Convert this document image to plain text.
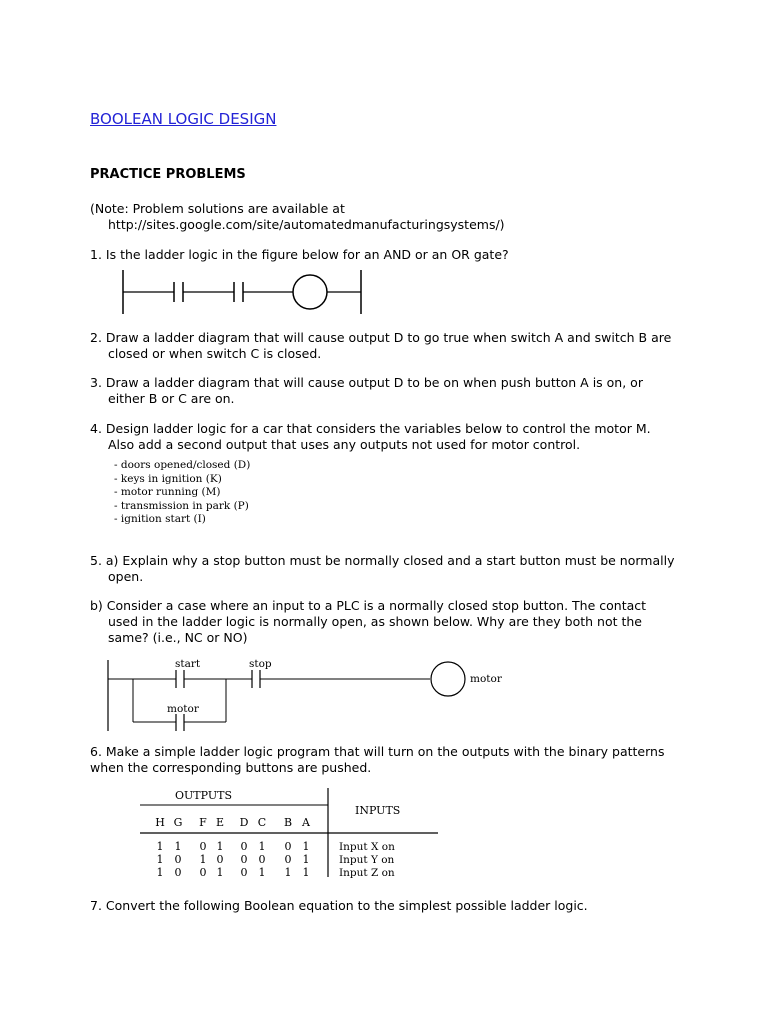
BOOLEAN LOGIC DESIGN
PRACTICE PROBLEMS
(Note: Problem solutions are available at
http://sites.google.com/site/automatedmanufacturingsystems/)
1. Is the ladder logic in the figure below for an AND or an OR gate?
2. Draw a ladder diagram that will cause output D to go true when switch A and switch B are
closed or when switch C is closed.
3. Draw a ladder diagram that will cause output D to be on when push button A is on, or
either B or C are on.
4. Design ladder logic for a car that considers the variables below to control the motor M.
Also add a second output that uses any outputs not used for motor control.
- doors opened/closed (D)
- keys in ignition (K)
- motor running (M)
- transmission in park (P)
- ignition start (I)
5. a) Explain why a stop button must be normally closed and a start button must be normally
open.
b) Consider a case where an input to a PLC is a normally closed stop button. The contact
used in the ladder logic is normally open, as shown below. Why are they both not the
same? (i.e., NC or NO)
start	stop
motor
motor
6. Make a simple ladder logic program that will turn on the outputs with the binary patterns
when the corresponding buttons are pushed.
OUTPUTS
INPUTS
H G F E D C B A
1 1 0 1 0 1 0 1	Input X on
1 0 1 0 0 0 0 1	Input Y on
1 0 0 1 0 1 1 1	Input Z on
7. Convert the following Boolean equation to the simplest possible ladder logic.
